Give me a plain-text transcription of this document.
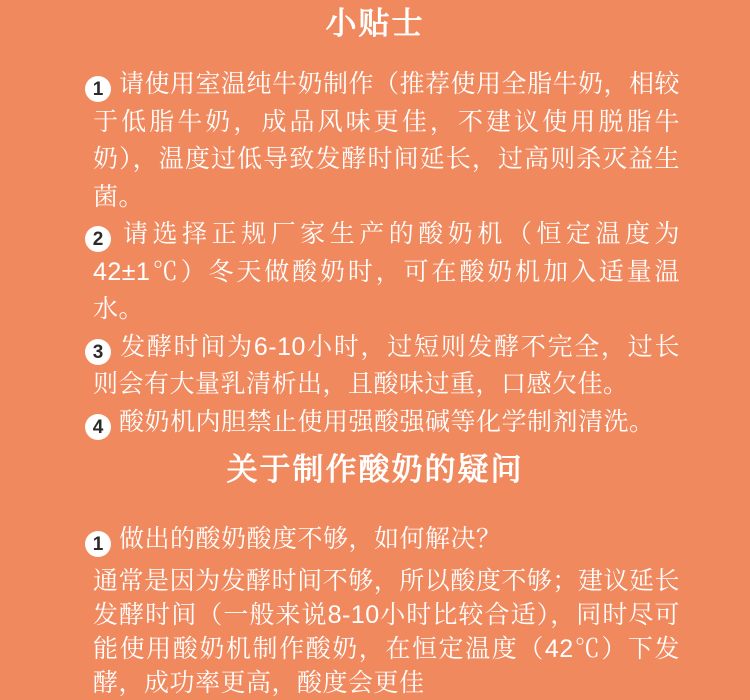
小贴士

1 请使用室温纯牛奶制作（推荐使用全脂牛奶，相较于低脂牛奶，成品风味更佳，不建议使用脱脂牛奶），温度过低导致发酵时间延长，过高则杀灭益生菌。

2 请选择正规厂家生产的酸奶机（恒定温度为42±1℃）冬天做酸奶时，可在酸奶机加入适量温水。

3 发酵时间为6-10小时，过短则发酵不完全，过长则会有大量乳清析出，且酸味过重，口感欠佳。

4 酸奶机内胆禁止使用强酸强碱等化学制剂清洗。

关于制作酸奶的疑问

1 做出的酸奶酸度不够，如何解决？

通常是因为发酵时间不够，所以酸度不够；建议延长发酵时间（一般来说8-10小时比较合适），同时尽可能使用酸奶机制作酸奶，在恒定温度（42℃）下发酵，成功率更高，酸度会更佳
